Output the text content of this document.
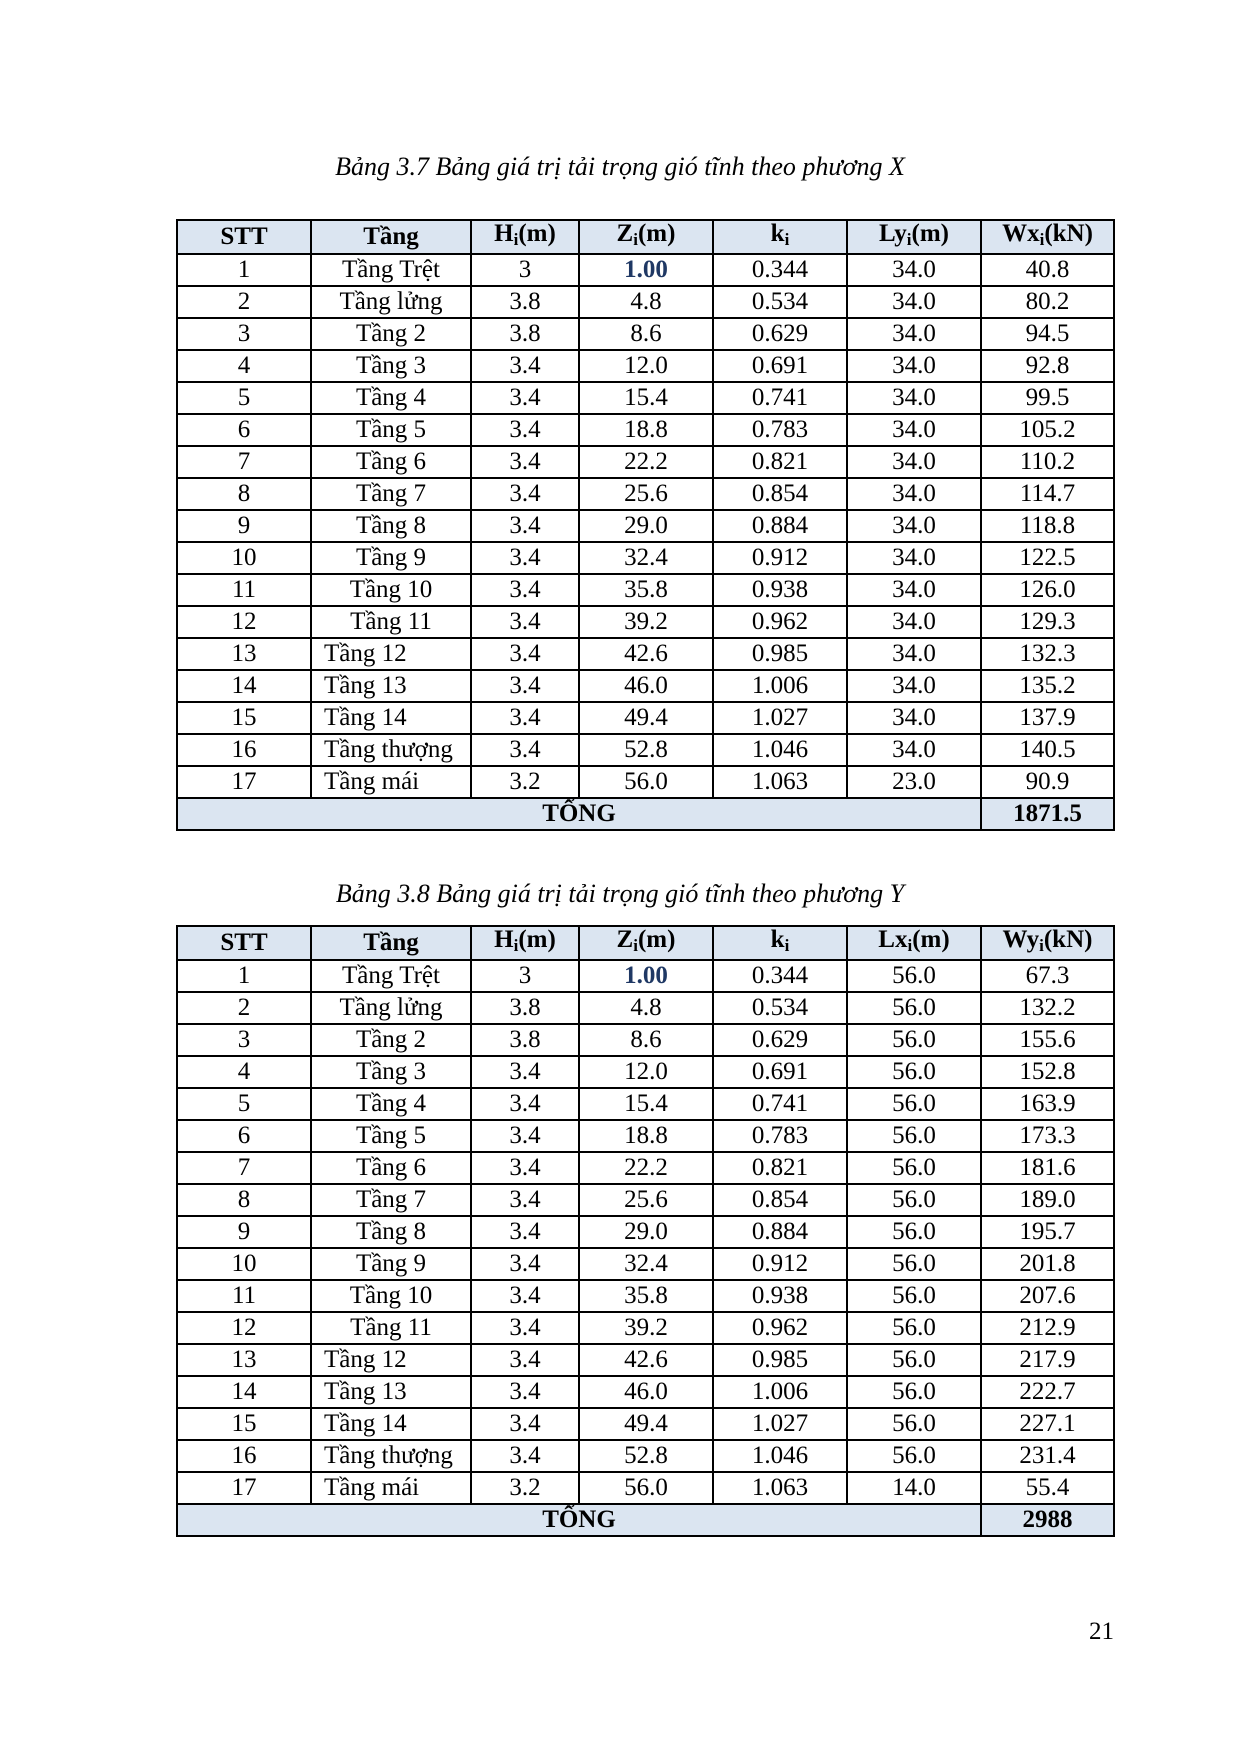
Bảng 3.7 Bảng giá trị tải trọng gió tĩnh theo phương X
STT	Tầng	$H_i(m)$	$Z_i(m)$	$k_i$	$Ly_i(m)$	$Wx_i(kN)$
1	Tầng Trệt	3	1.00	0.344	34.0	40.8
2	Tầng lửng	3.8	4.8	0.534	34.0	80.2
3	Tầng 2	3.8	8.6	0.629	34.0	94.5
4	Tầng 3	3.4	12.0	0.691	34.0	92.8
5	Tầng 4	3.4	15.4	0.741	34.0	99.5
6	Tầng 5	3.4	18.8	0.783	34.0	105.2
7	Tầng 6	3.4	22.2	0.821	34.0	110.2
8	Tầng 7	3.4	25.6	0.854	34.0	114.7
9	Tầng 8	3.4	29.0	0.884	34.0	118.8
10	Tầng 9	3.4	32.4	0.912	34.0	122.5
11	Tầng 10	3.4	35.8	0.938	34.0	126.0
12	Tầng 11	3.4	39.2	0.962	34.0	129.3
13	Tầng 12	3.4	42.6	0.985	34.0	132.3
14	Tầng 13	3.4	46.0	1.006	34.0	135.2
15	Tầng 14	3.4	49.4	1.027	34.0	137.9
16	Tầng thượng	3.4	52.8	1.046	34.0	140.5
17	Tầng mái	3.2	56.0	1.063	23.0	90.9
TỔNG						1871.5
Bảng 3.8 Bảng giá trị tải trọng gió tĩnh theo phương Y
STT	Tầng	$H_i(m)$	$Z_i(m)$	$k_i$	$Lx_i(m)$	$Wy_i(kN)$
1	Tầng Trệt	3	1.00	0.344	56.0	67.3
2	Tầng lửng	3.8	4.8	0.534	56.0	132.2
3	Tầng 2	3.8	8.6	0.629	56.0	155.6
4	Tầng 3	3.4	12.0	0.691	56.0	152.8
5	Tầng 4	3.4	15.4	0.741	56.0	163.9
6	Tầng 5	3.4	18.8	0.783	56.0	173.3
7	Tầng 6	3.4	22.2	0.821	56.0	181.6
8	Tầng 7	3.4	25.6	0.854	56.0	189.0
9	Tầng 8	3.4	29.0	0.884	56.0	195.7
10	Tầng 9	3.4	32.4	0.912	56.0	201.8
11	Tầng 10	3.4	35.8	0.938	56.0	207.6
12	Tầng 11	3.4	39.2	0.962	56.0	212.9
13	Tầng 12	3.4	42.6	0.985	56.0	217.9
14	Tầng 13	3.4	46.0	1.006	56.0	222.7
15	Tầng 14	3.4	49.4	1.027	56.0	227.1
16	Tầng thượng	3.4	52.8	1.046	56.0	231.4
17	Tầng mái	3.2	56.0	1.063	14.0	55.4
TỔNG						2988
21
